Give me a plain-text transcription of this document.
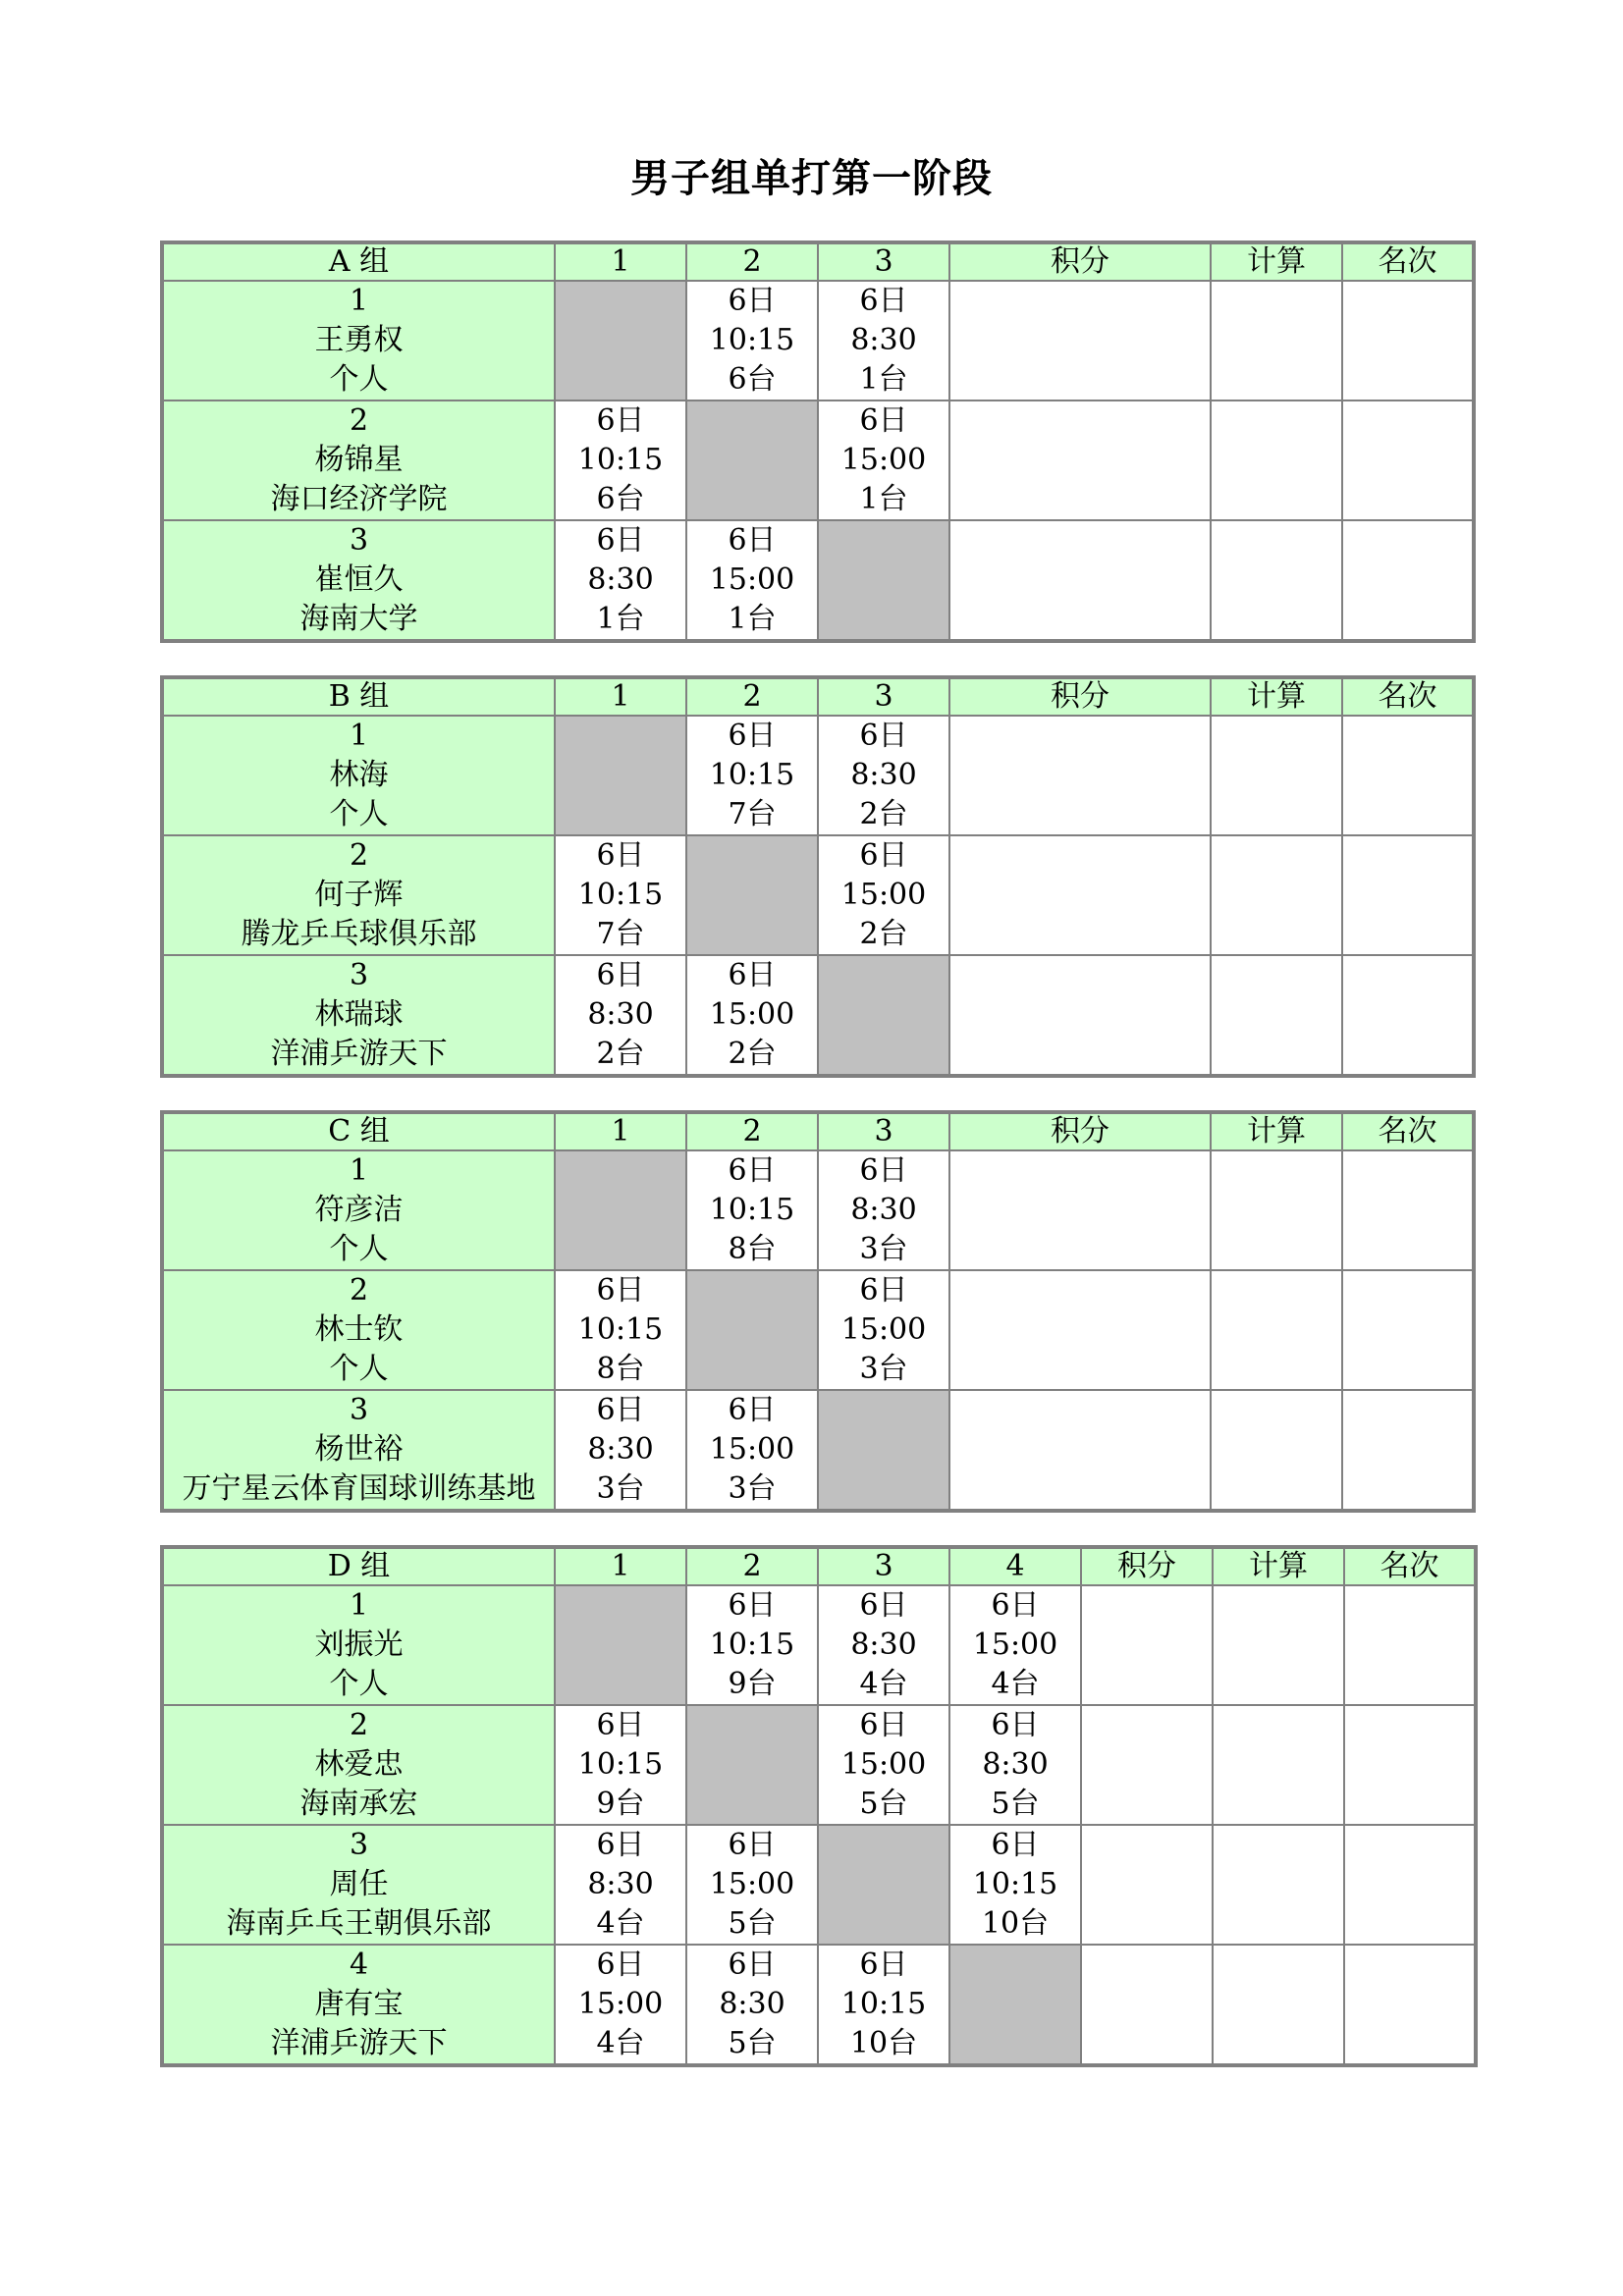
男子组单打第一阶段
A 组	1	2	3	积分	计算	名次

1
王勇权
个人		6日
10:15
6台	6日
8:30
1台			

2
杨锦星
海口经济学院	6日
10:15
6台		6日
15:00
1台			

3
崔恒久
海南大学	6日
8:30
1台	6日
15:00
1台				

B 组	1	2	3	积分	计算	名次

1
林海
个人		6日
10:15
7台	6日
8:30
2台			

2
何子辉
腾龙乒乓球俱乐部	6日
10:15
7台		6日
15:00
2台			

3
林瑞球
洋浦乒游天下	6日
8:30
2台	6日
15:00
2台				

C 组	1	2	3	积分	计算	名次

1
符彦洁
个人		6日
10:15
8台	6日
8:30
3台			

2
林士钦
个人	6日
10:15
8台		6日
15:00
3台			

3
杨世裕
万宁星云体育国球训练基地	6日
8:30
3台	6日
15:00
3台				

D 组	1	2	3	4	积分	计算	名次

1
刘振光
个人		6日
10:15
9台	6日
8:30
4台	6日
15:00
4台			

2
林爱忠
海南承宏	6日
10:15
9台		6日
15:00
5台	6日
8:30
5台			

3
周任
海南乒乓王朝俱乐部	6日
8:30
4台	6日
15:00
5台		6日
10:15
10台			

4
唐有宝
洋浦乒游天下	6日
15:00
4台	6日
8:30
5台	6日
10:15
10台				
